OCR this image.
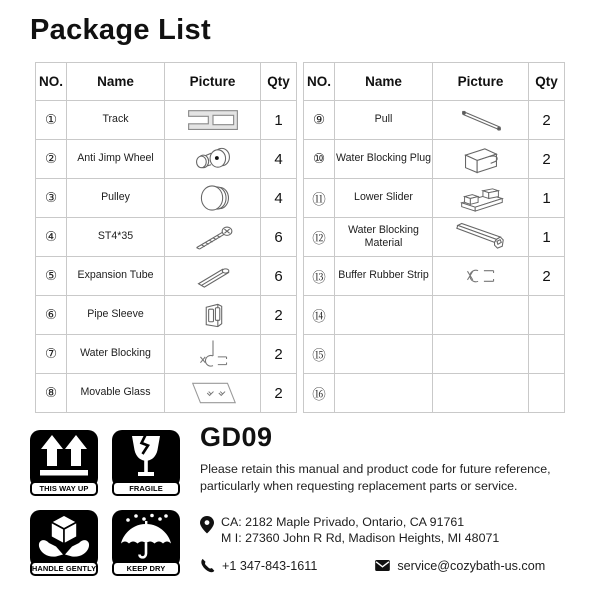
Package List
NO.	Name	Picture	Qty
①	Track		1
②	Anti Jimp Wheel		4
③	Pulley		4
④	ST4*35		6
⑤	Expansion Tube		6
⑥	Pipe Sleeve		2
⑦	Water Blocking		2
⑧	Movable Glass		2
NO.	Name	Picture	Qty
⑨	Pull		2
⑩	Water Blocking Plug		2
⑪	Lower Slider		1
⑫	Water Blocking Material		1
⑬	Buffer Rubber Strip		2
⑭			
⑮			
⑯			
THIS WAY UP	FRAGILE
HANDLE GENTLY	KEEP DRY
GD09
Please retain this manual and product code for future reference, particularly when requesting replacement parts or service.
CA: 2182 Maple Privado, Ontario, CA 91761
M I: 27360 John R Rd, Madison Heights, MI 48071
+1 347-843-1611	service@cozybath-us.com
